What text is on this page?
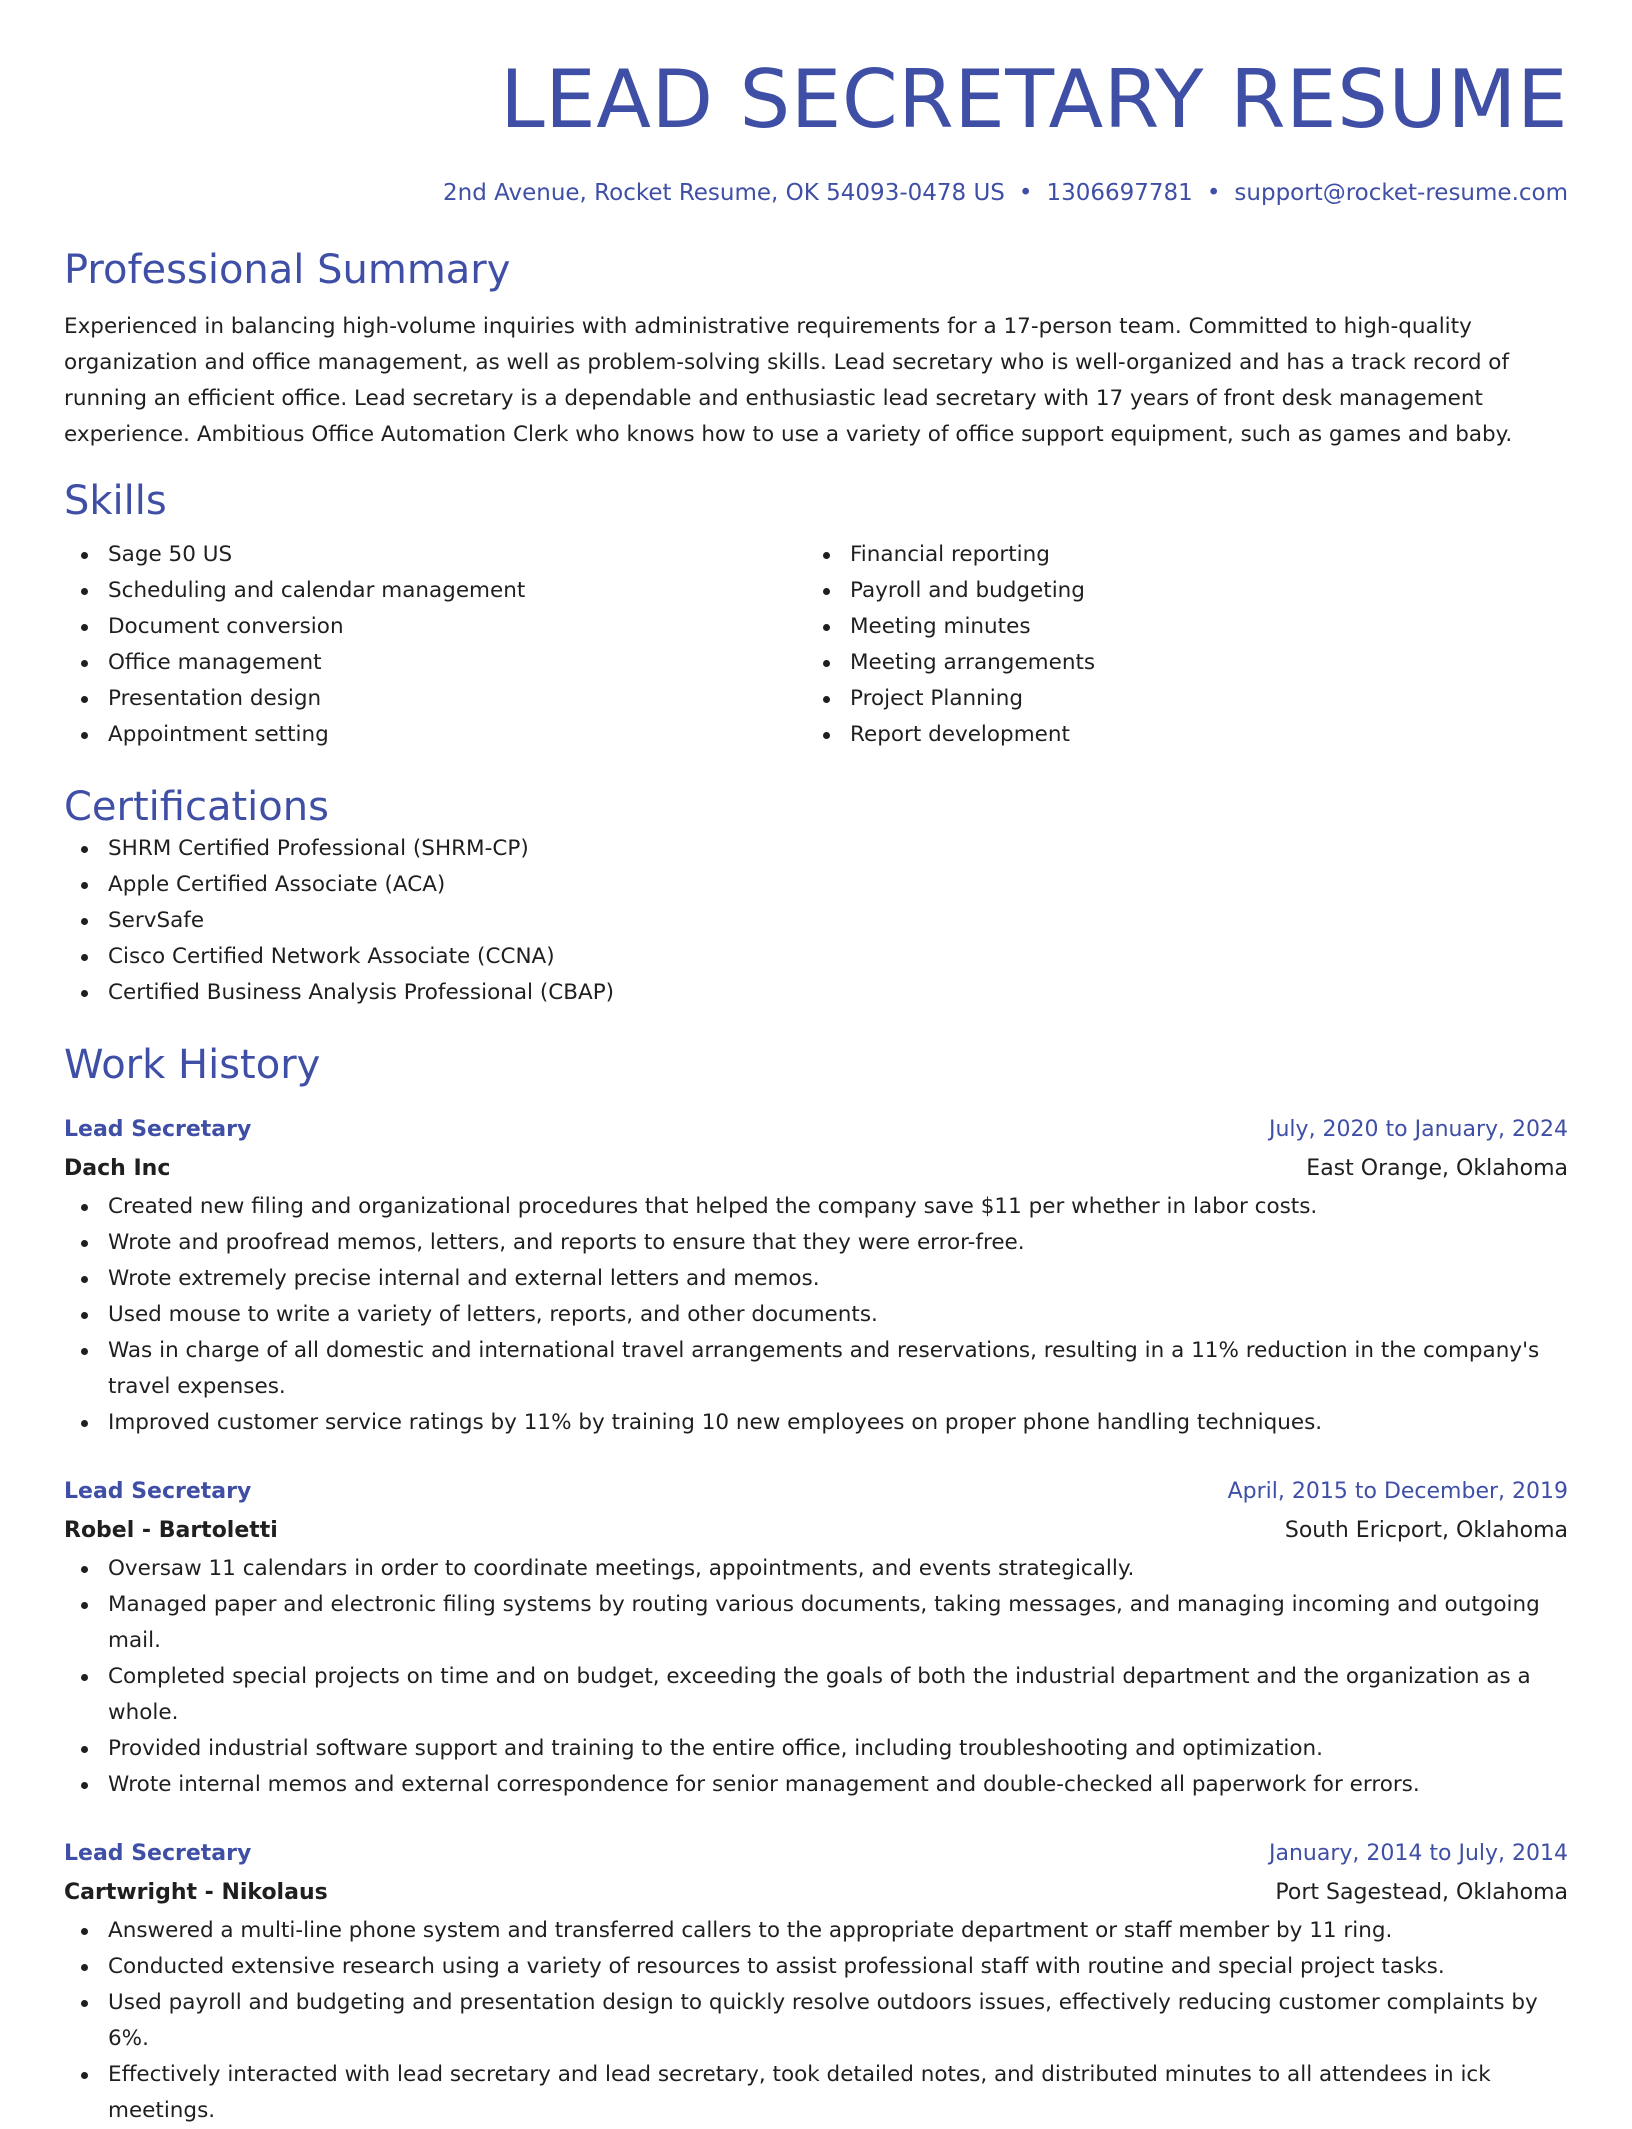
LEAD SECRETARY RESUME
2nd Avenue, Rocket Resume, OK 54093-0478 US • 1306697781 • support@rocket-resume.com
Professional Summary
Experienced in balancing high-volume inquiries with administrative requirements for a 17-person team. Committed to high-quality organization and office management, as well as problem-solving skills. Lead secretary who is well-organized and has a track record of running an efficient office. Lead secretary is a dependable and enthusiastic lead secretary with 17 years of front desk management experience. Ambitious Office Automation Clerk who knows how to use a variety of office support equipment, such as games and baby.
Skills
Sage 50 US
Scheduling and calendar management
Document conversion
Office management
Presentation design
Appointment setting
Financial reporting
Payroll and budgeting
Meeting minutes
Meeting arrangements
Project Planning
Report development
Certifications
SHRM Certified Professional (SHRM-CP)
Apple Certified Associate (ACA)
ServSafe
Cisco Certified Network Associate (CCNA)
Certified Business Analysis Professional (CBAP)
Work History
Lead Secretary	July, 2020 to January, 2024
Dach Inc	East Orange, Oklahoma
Created new filing and organizational procedures that helped the company save $11 per whether in labor costs.
Wrote and proofread memos, letters, and reports to ensure that they were error-free.
Wrote extremely precise internal and external letters and memos.
Used mouse to write a variety of letters, reports, and other documents.
Was in charge of all domestic and international travel arrangements and reservations, resulting in a 11% reduction in the company's travel expenses.
Improved customer service ratings by 11% by training 10 new employees on proper phone handling techniques.
Lead Secretary	April, 2015 to December, 2019
Robel - Bartoletti	South Ericport, Oklahoma
Oversaw 11 calendars in order to coordinate meetings, appointments, and events strategically.
Managed paper and electronic filing systems by routing various documents, taking messages, and managing incoming and outgoing mail.
Completed special projects on time and on budget, exceeding the goals of both the industrial department and the organization as a whole.
Provided industrial software support and training to the entire office, including troubleshooting and optimization.
Wrote internal memos and external correspondence for senior management and double-checked all paperwork for errors.
Lead Secretary	January, 2014 to July, 2014
Cartwright - Nikolaus	Port Sagestead, Oklahoma
Answered a multi-line phone system and transferred callers to the appropriate department or staff member by 11 ring.
Conducted extensive research using a variety of resources to assist professional staff with routine and special project tasks.
Used payroll and budgeting and presentation design to quickly resolve outdoors issues, effectively reducing customer complaints by 6%.
Effectively interacted with lead secretary and lead secretary, took detailed notes, and distributed minutes to all attendees in ick meetings.
